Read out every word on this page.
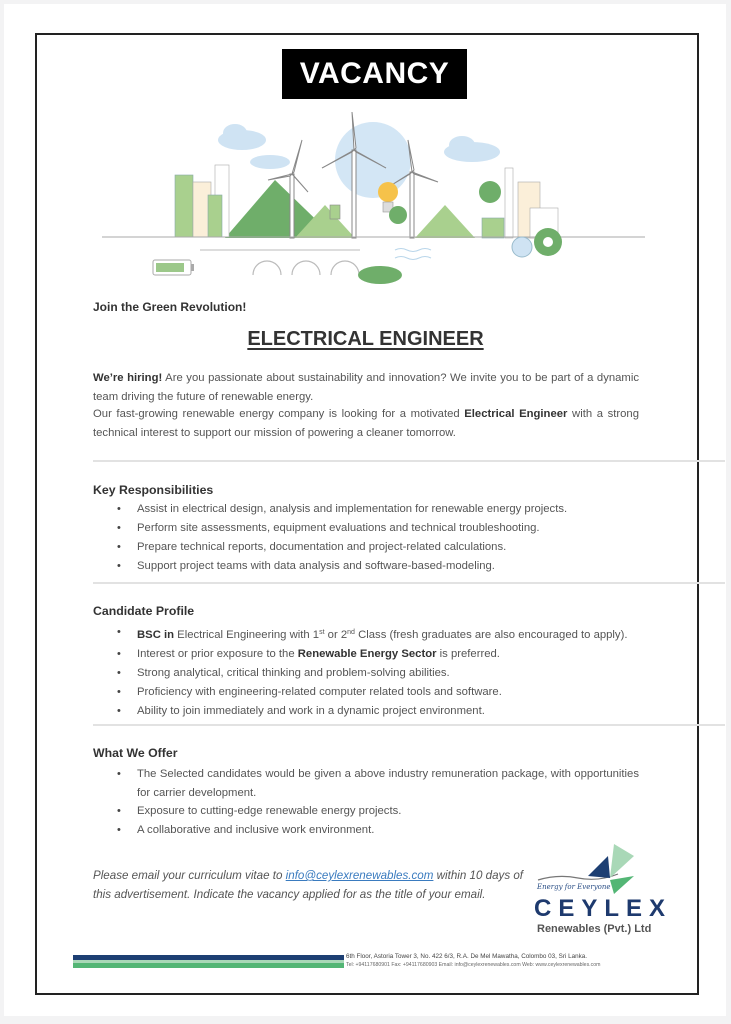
VACANCY
Join the Green Revolution!
ELECTRICAL ENGINEER
We’re hiring! Are you passionate about sustainability and innovation? We invite you to be part of a dynamic team driving the future of renewable energy.
Our fast-growing renewable energy company is looking for a motivated Electrical Engineer with a strong technical interest to support our mission of powering a cleaner tomorrow.
Key Responsibilities
• Assist in electrical design, analysis and implementation for renewable energy projects.
• Perform site assessments, equipment evaluations and technical troubleshooting.
• Prepare technical reports, documentation and project-related calculations.
• Support project teams with data analysis and software-based-modeling.
Candidate Profile
• BSC in Electrical Engineering with 1st or 2nd Class (fresh graduates are also encouraged to apply).
• Interest or prior exposure to the Renewable Energy Sector is preferred.
• Strong analytical, critical thinking and problem-solving abilities.
• Proficiency with engineering-related computer related tools and software.
• Ability to join immediately and work in a dynamic project environment.
What We Offer
• The Selected candidates would be given a above industry remuneration package, with opportunities for carrier development.
• Exposure to cutting-edge renewable energy projects.
• A collaborative and inclusive work environment.
Please email your curriculum vitae to info@ceylexrenewables.com within 10 days of this advertisement. Indicate the vacancy applied for as the title of your email.
Energy for Everyone
CEYLEX
Renewables (Pvt.) Ltd
6th Floor, Astoria Tower 3, No. 422 6/3, R.A. De Mel Mawatha, Colombo 03, Sri Lanka.
Tel: +94117680901 Fax: +94117680903 Email: info@ceylexrenewables.com Web: www.ceylexrenewables.com
